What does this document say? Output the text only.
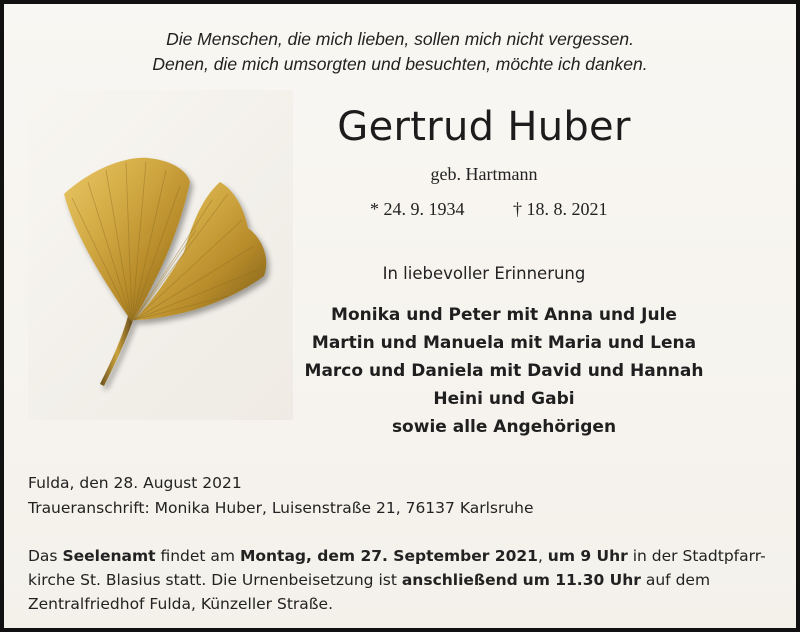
Die Menschen, die mich lieben, sollen mich nicht vergessen.
Denen, die mich umsorgten und besuchten, möchte ich danken.
Gertrud Huber
geb. Hartmann
* 24. 9. 1934	† 18. 8. 2021
In liebevoller Erinnerung
Monika und Peter mit Anna und Jule
Martin und Manuela mit Maria und Lena
Marco und Daniela mit David und Hannah
Heini und Gabi
sowie alle Angehörigen
Fulda, den 28. August 2021
Traueranschrift: Monika Huber, Luisenstraße 21, 76137 Karlsruhe
Das Seelenamt findet am Montag, dem 27. September 2021, um 9 Uhr in der Stadtpfarr-
kirche St. Blasius statt. Die Urnenbeisetzung ist anschließend um 11.30 Uhr auf dem
Zentralfriedhof Fulda, Künzeller Straße.
